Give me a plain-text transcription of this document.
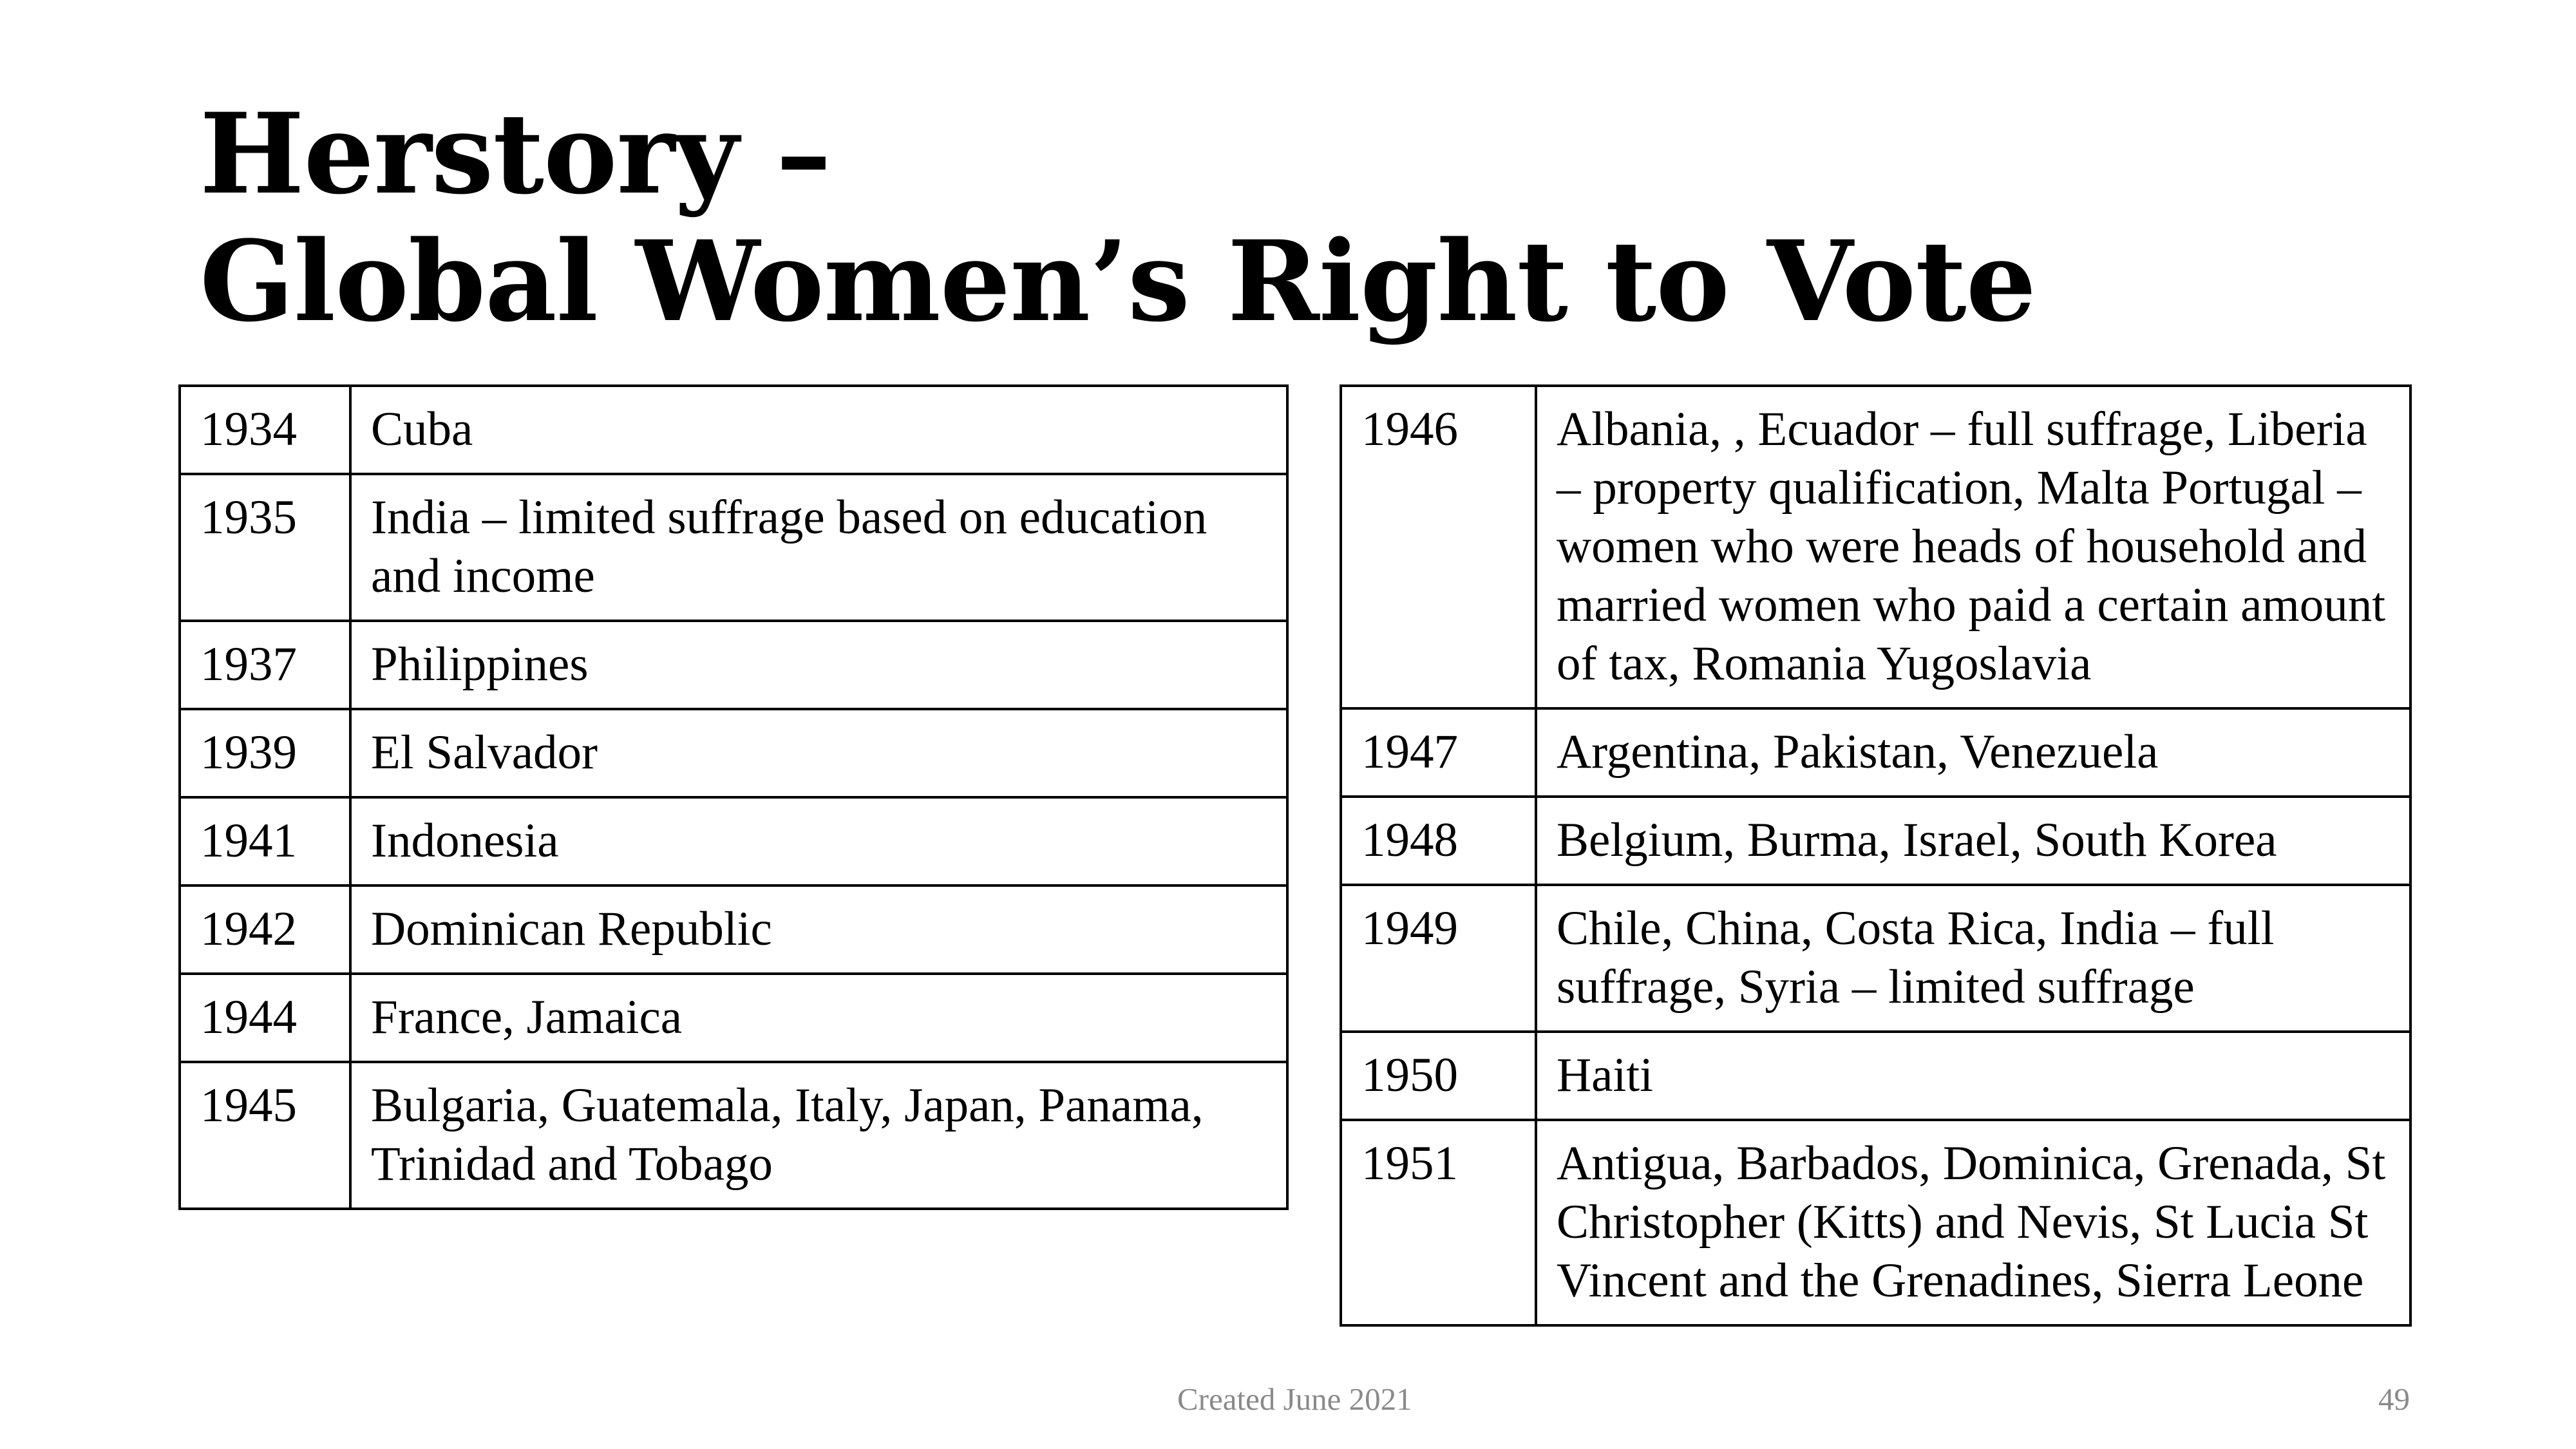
Herstory –
Global Women’s Right to Vote
1934	Cuba
1935	India – limited suffrage based on education and income
1937	Philippines
1939	El Salvador
1941	Indonesia
1942	Dominican Republic
1944	France, Jamaica
1945	Bulgaria, Guatemala, Italy, Japan, Panama, Trinidad and Tobago
1946	Albania, , Ecuador – full suffrage, Liberia – property qualification, Malta Portugal – women who were heads of household and married women who paid a certain amount of tax, Romania Yugoslavia
1947	Argentina, Pakistan, Venezuela
1948	Belgium, Burma, Israel, South Korea
1949	Chile, China, Costa Rica, India – full suffrage, Syria – limited suffrage
1950	Haiti
1951	Antigua, Barbados, Dominica, Grenada, St Christopher (Kitts) and Nevis, St Lucia St Vincent and the Grenadines, Sierra Leone
Created June 2021	49
